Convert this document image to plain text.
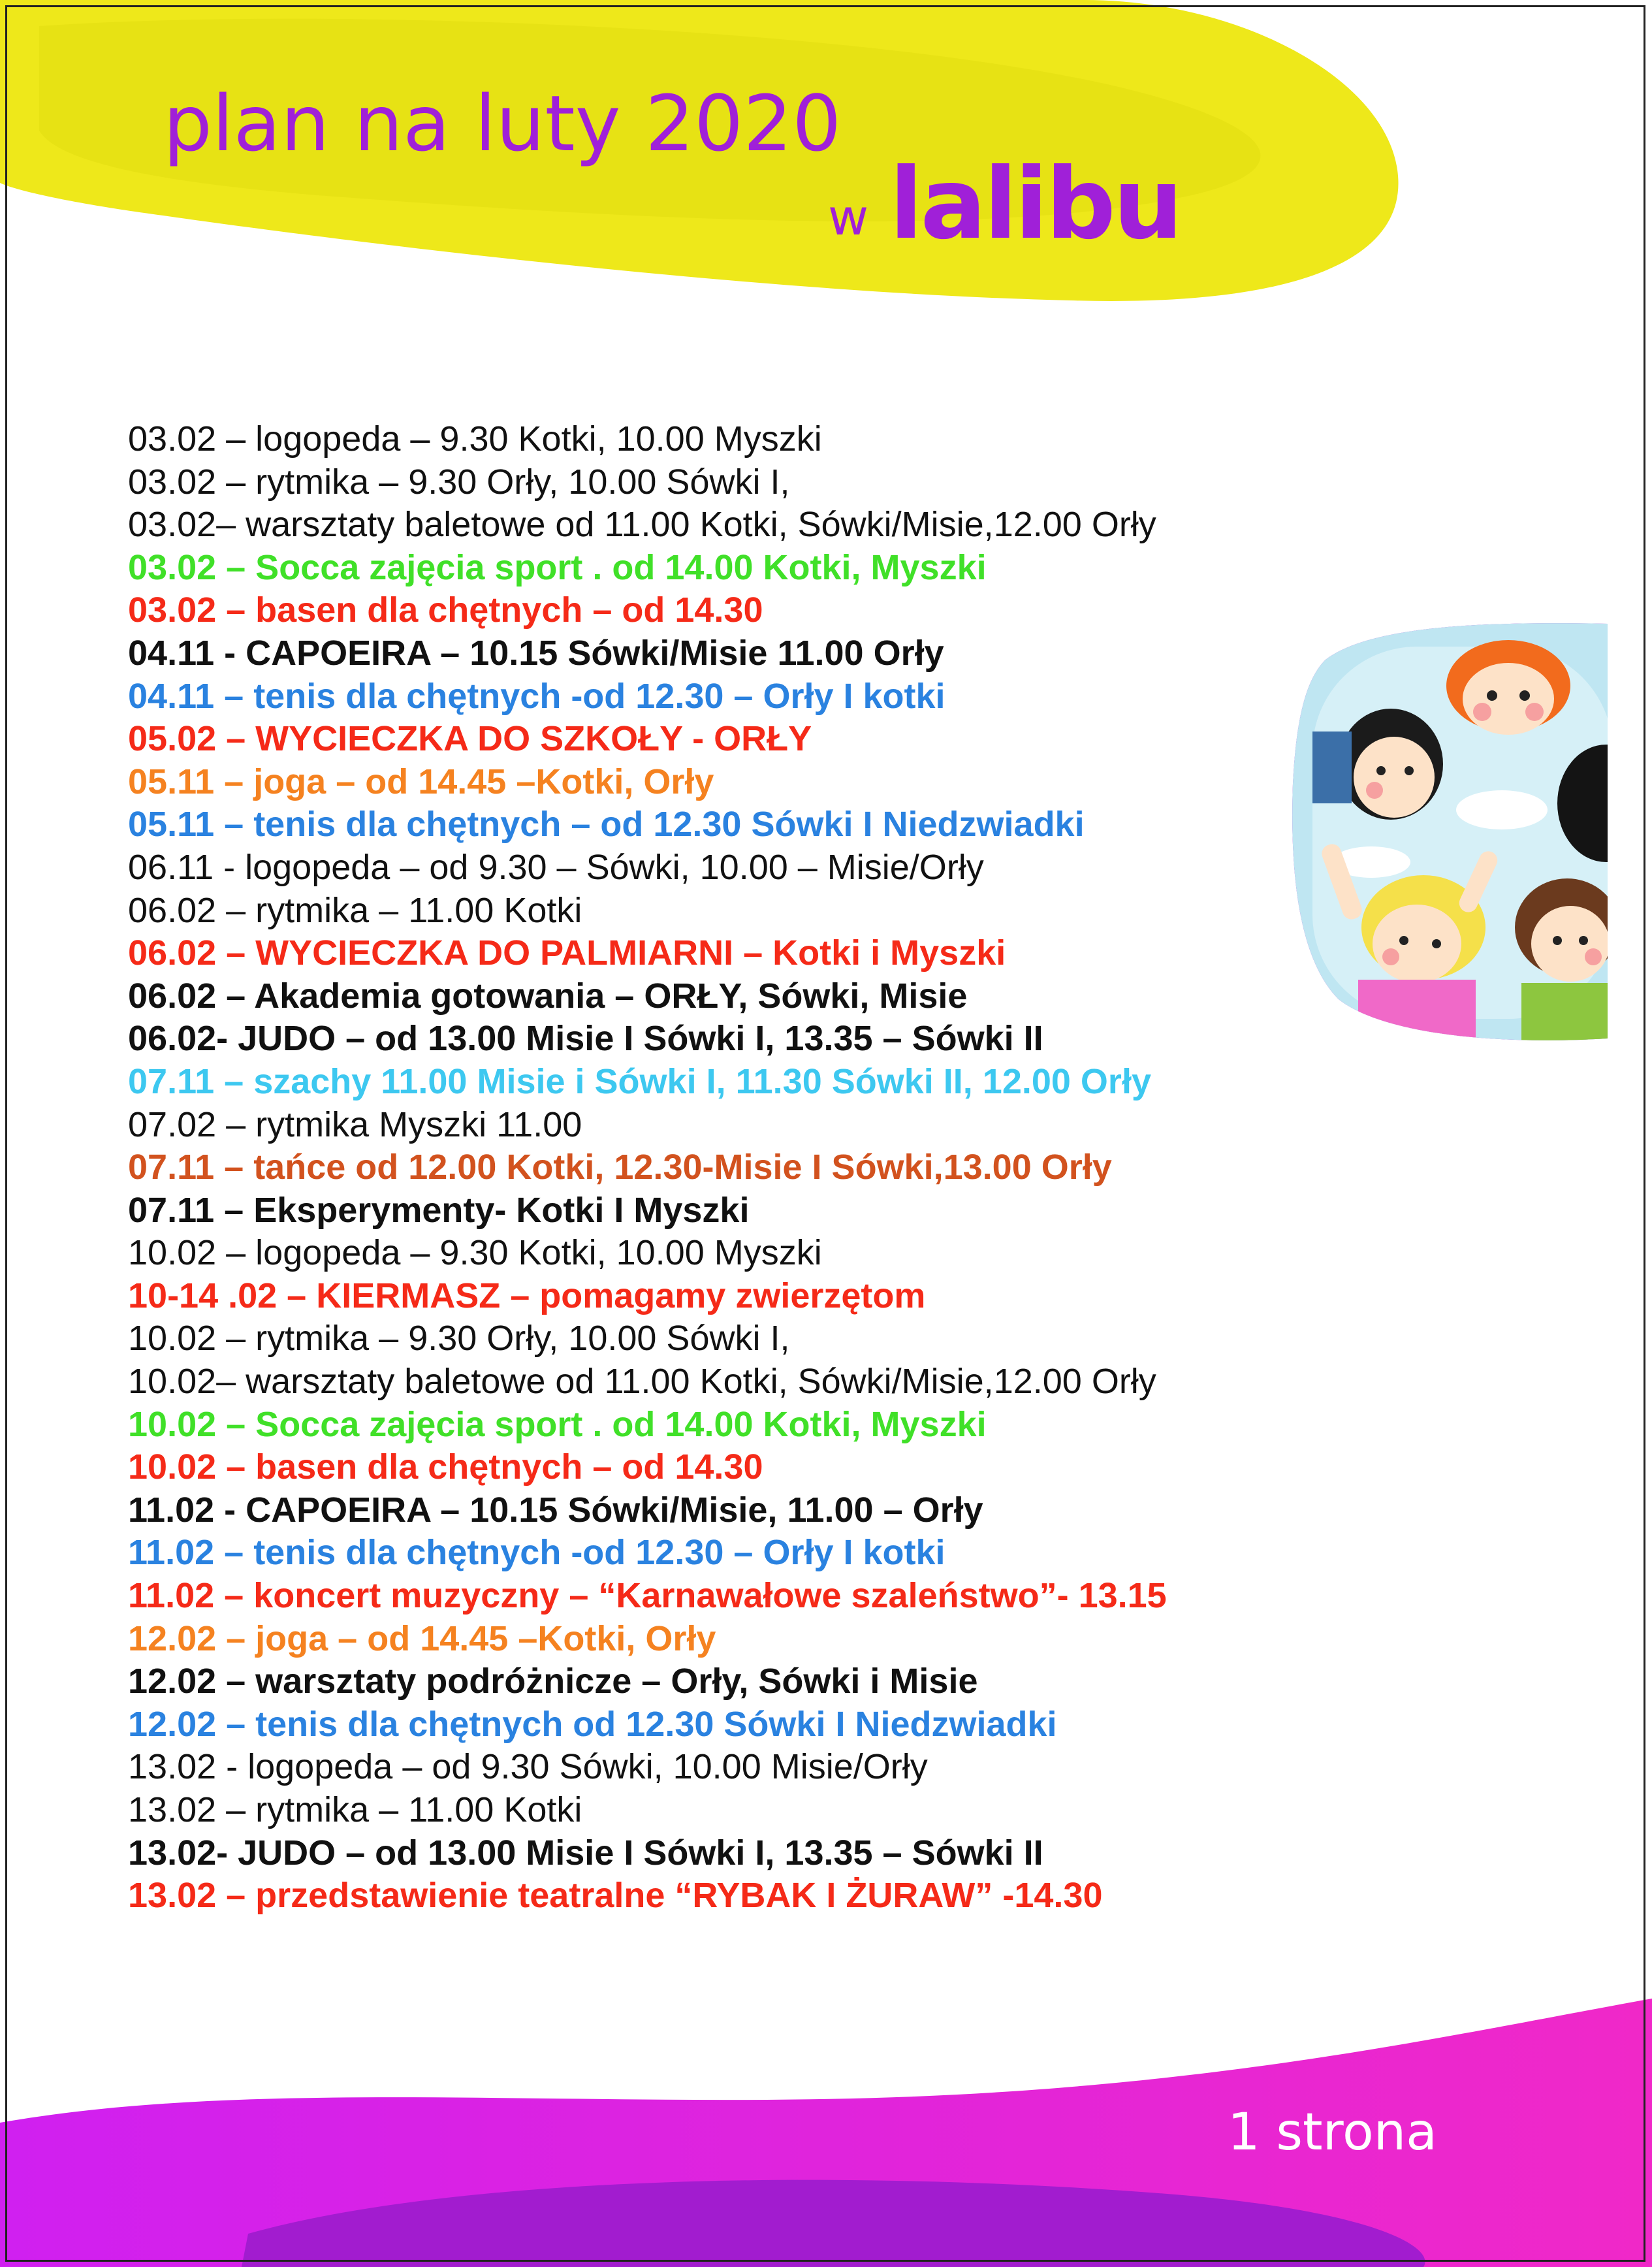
plan na luty 2020
w lalibu
03.02 – logopeda – 9.30 Kotki, 10.00 Myszki
03.02 – rytmika – 9.30 Orły, 10.00 Sówki I,
03.02– warsztaty baletowe od 11.00 Kotki, Sówki/Misie,12.00 Orły
03.02 – Socca zajęcia sport . od 14.00 Kotki, Myszki
03.02 – basen dla chętnych – od 14.30
04.11 - CAPOEIRA – 10.15 Sówki/Misie 11.00 Orły
04.11 – tenis dla chętnych -od 12.30 – Orły I kotki
05.02 – WYCIECZKA DO SZKOŁY - ORŁY
05.11 – joga – od 14.45 –Kotki, Orły
05.11 – tenis dla chętnych – od 12.30 Sówki I Niedzwiadki
06.11 - logopeda – od 9.30 – Sówki, 10.00 – Misie/Orły
06.02 – rytmika – 11.00 Kotki
06.02 – WYCIECZKA DO PALMIARNI – Kotki i Myszki
06.02 – Akademia gotowania – ORŁY, Sówki, Misie
06.02- JUDO – od 13.00 Misie I Sówki I, 13.35 – Sówki II
07.11 – szachy 11.00 Misie i Sówki I, 11.30 Sówki II, 12.00 Orły
07.02 – rytmika Myszki 11.00
07.11 – tańce od 12.00 Kotki, 12.30-Misie I Sówki,13.00 Orły
07.11 – Eksperymenty- Kotki I Myszki
10.02 – logopeda – 9.30 Kotki, 10.00 Myszki
10-14 .02 – KIERMASZ – pomagamy zwierzętom
10.02 – rytmika – 9.30 Orły, 10.00 Sówki I,
10.02– warsztaty baletowe od 11.00 Kotki, Sówki/Misie,12.00 Orły
10.02 – Socca zajęcia sport . od 14.00 Kotki, Myszki
10.02 – basen dla chętnych – od 14.30
11.02 - CAPOEIRA – 10.15 Sówki/Misie, 11.00 – Orły
11.02 – tenis dla chętnych -od 12.30 – Orły I kotki
11.02 – koncert muzyczny – “Karnawałowe szaleństwo”- 13.15
12.02 – joga – od 14.45 –Kotki, Orły
12.02 – warsztaty podróżnicze – Orły, Sówki i Misie
12.02 – tenis dla chętnych od 12.30 Sówki I Niedzwiadki
13.02 - logopeda – od 9.30 Sówki, 10.00 Misie/Orły
13.02 – rytmika – 11.00 Kotki
13.02- JUDO – od 13.00 Misie I Sówki I, 13.35 – Sówki II
13.02 – przedstawienie teatralne “RYBAK I ŻURAW” -14.30
1 strona
